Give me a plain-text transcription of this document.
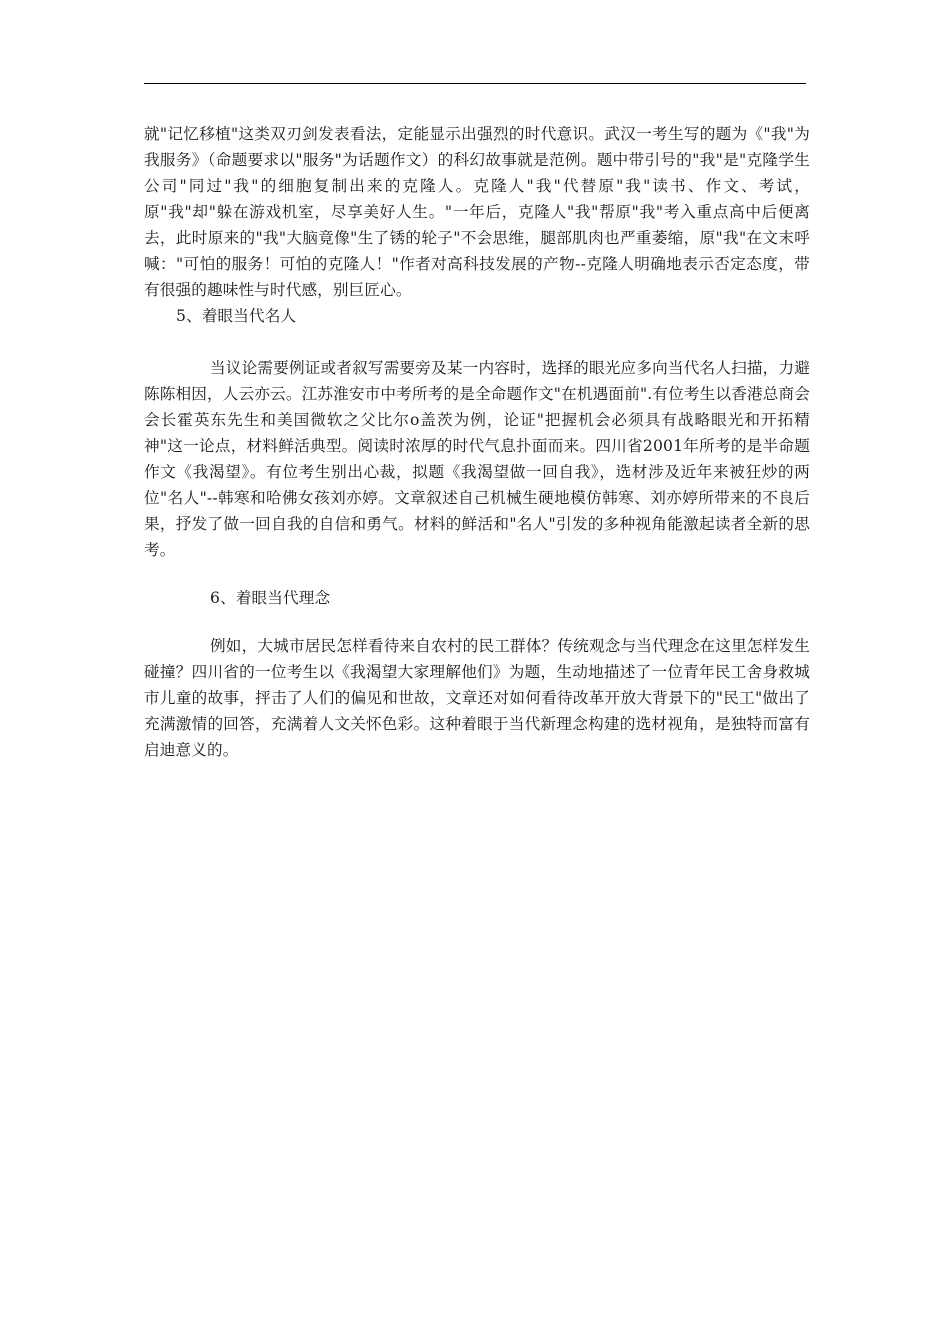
就"记忆移植"这类双刃剑发表看法，定能显示出强烈的时代意识。武汉一考生写的题为《"我"为我服务》（命题要求以"服务"为话题作文）的科幻故事就是范例。题中带引号的"我"是"克隆学生公司"同过"我"的细胞复制出来的克隆人。克隆人"我"代替原"我"读书、作文、考试，原"我"却"躲在游戏机室，尽享美好人生。"一年后，克隆人"我"帮原"我"考入重点高中后便离去，此时原来的"我"大脑竟像"生了锈的轮子"不会思维，腿部肌肉也严重萎缩，原"我"在文末呼喊："可怕的服务！可怕的克隆人！"作者对高科技发展的产物--克隆人明确地表示否定态度，带有很强的趣味性与时代感，别巨匠心。

5、着眼当代名人

当议论需要例证或者叙写需要旁及某一内容时，选择的眼光应多向当代名人扫描，力避陈陈相因，人云亦云。江苏淮安市中考所考的是全命题作文"在机遇面前".有位考生以香港总商会会长霍英东先生和美国微软之父比尔ο盖茨为例，论证"把握机会必须具有战略眼光和开拓精神"这一论点，材料鲜活典型。阅读时浓厚的时代气息扑面而来。四川省2001年所考的是半命题作文《我渴望》。有位考生别出心裁，拟题《我渴望做一回自我》，选材涉及近年来被狂炒的两位"名人"--韩寒和哈佛女孩刘亦婷。文章叙述自己机械生硬地模仿韩寒、刘亦婷所带来的不良后果，抒发了做一回自我的自信和勇气。材料的鲜活和"名人"引发的多种视角能激起读者全新的思考。

6、着眼当代理念

例如，大城市居民怎样看待来自农村的民工群体？传统观念与当代理念在这里怎样发生碰撞？四川省的一位考生以《我渴望大家理解他们》为题，生动地描述了一位青年民工舍身救城市儿童的故事，抨击了人们的偏见和世故，文章还对如何看待改革开放大背景下的"民工"做出了充满激情的回答，充满着人文关怀色彩。这种着眼于当代新理念构建的选材视角，是独特而富有启迪意义的。
